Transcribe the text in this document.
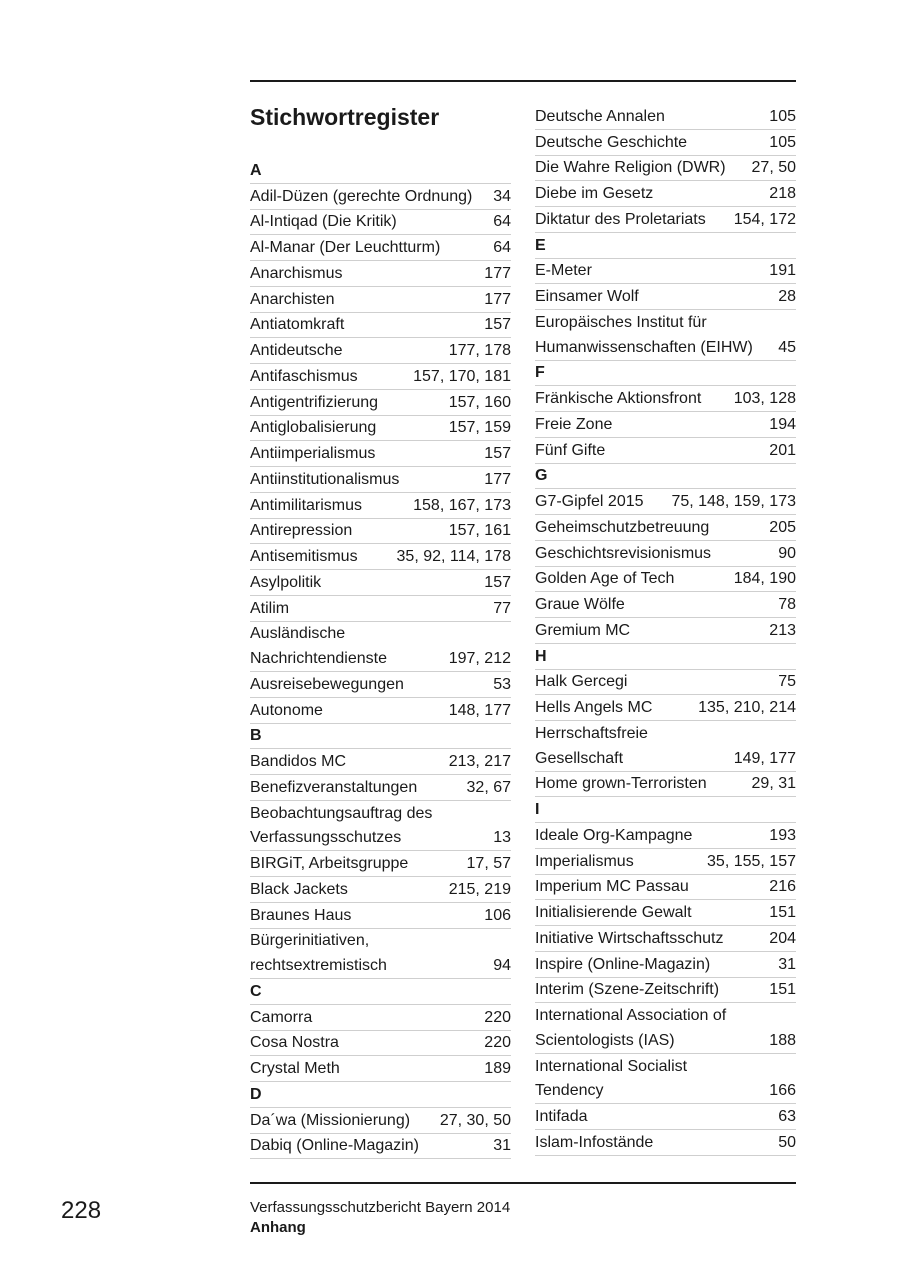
Stichwortregister
A
Adil-Düzen (gerechte Ordnung)	34
Al-Intiqad (Die Kritik)	64
Al-Manar (Der Leuchtturm)	64
Anarchismus	177
Anarchisten	177
Antiatomkraft	157
Antideutsche	177, 178
Antifaschismus	157, 170, 181
Antigentrifizierung	157, 160
Antiglobalisierung	157, 159
Antiimperialismus	157
Antiinstitutionalismus	177
Antimilitarismus	158, 167, 173
Antirepression	157, 161
Antisemitismus	35, 92, 114, 178
Asylpolitik	157
Atilim	77
Ausländische
Nachrichtendienste	197, 212
Ausreisebewegungen	53
Autonome	148, 177
B
Bandidos MC	213, 217
Benefizveranstaltungen	32, 67
Beobachtungsauftrag des
Verfassungsschutzes	13
BIRGiT, Arbeitsgruppe	17, 57
Black Jackets	215, 219
Braunes Haus	106
Bürgerinitiativen,
rechtsextremistisch	94
C
Camorra	220
Cosa Nostra	220
Crystal Meth	189
D
Da´wa (Missionierung)	27, 30, 50
Dabiq (Online-Magazin)	31
Deutsche Annalen	105
Deutsche Geschichte	105
Die Wahre Religion (DWR)	27, 50
Diebe im Gesetz	218
Diktatur des Proletariats	154, 172
E
E-Meter	191
Einsamer Wolf	28
Europäisches Institut für
Humanwissenschaften (EIHW)	45
F
Fränkische Aktionsfront	103, 128
Freie Zone	194
Fünf Gifte	201
G
G7-Gipfel 2015	75, 148, 159, 173
Geheimschutzbetreuung	205
Geschichtsrevisionismus	90
Golden Age of Tech	184, 190
Graue Wölfe	78
Gremium MC	213
H
Halk Gercegi	75
Hells Angels MC	135, 210, 214
Herrschaftsfreie
Gesellschaft	149, 177
Home grown-Terroristen	29, 31
I
Ideale Org-Kampagne	193
Imperialismus	35, 155, 157
Imperium MC Passau	216
Initialisierende Gewalt	151
Initiative Wirtschaftsschutz	204
Inspire (Online-Magazin)	31
Interim (Szene-Zeitschrift)	151
International Association of
Scientologists (IAS)	188
International Socialist
Tendency	166
Intifada	63
Islam-Infostände	50
228	Verfassungsschutzbericht Bayern 2014
Anhang
